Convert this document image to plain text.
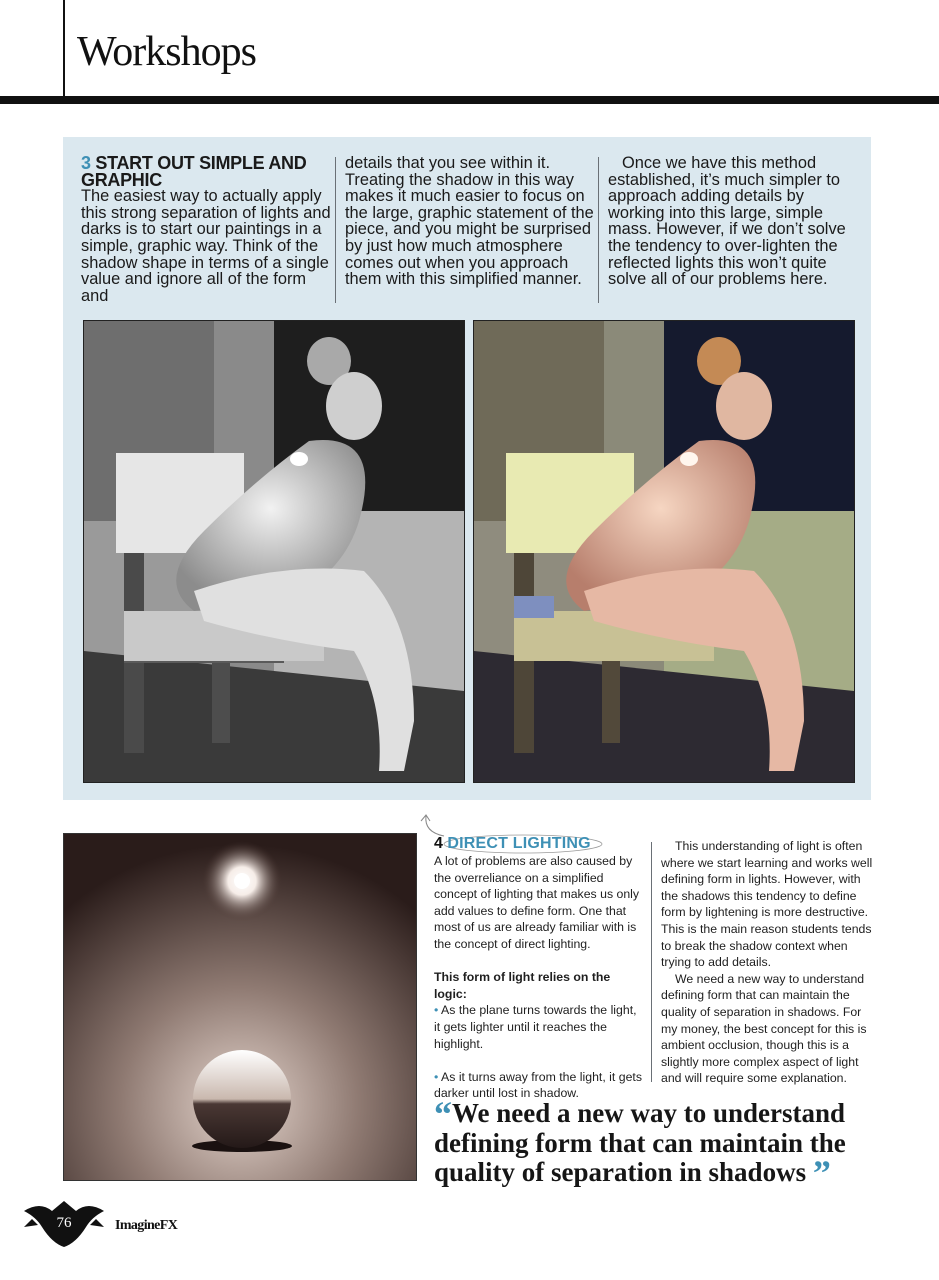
Workshops
3 START OUT SIMPLE AND GRAPHIC

The easiest way to actually apply this strong separation of lights and darks is to start our paintings in a simple, graphic way. Think of the shadow shape in terms of a single value and ignore all of the form and

details that you see within it. Treating the shadow in this way makes it much easier to focus on the large, graphic statement of the piece, and you might be surprised by just how much atmosphere comes out when you approach them with this simplified manner.

Once we have this method established, it’s much simpler to approach adding details by working into this large, simple mass. However, if we don’t solve the tendency to over-lighten the reflected lights this won’t quite solve all of our problems here.

4 DIRECT LIGHTING

A lot of problems are also caused by the overreliance on a simplified concept of lighting that makes us only add values to define form. One that most of us are already familiar with is the concept of direct lighting.

This form of light relies on the logic:

• As the plane turns towards the light, it gets lighter until it reaches the highlight.

• As it turns away from the light, it gets darker until lost in shadow.

This understanding of light is often where we start learning and works well defining form in lights. However, with the shadows this tendency to define form by lightening is more destructive. This is the main reason students tends to break the shadow context when trying to add details.

We need a new way to understand defining form that can maintain the quality of separation in shadows. For my money, the best concept for this is ambient occlusion, though this is a slightly more complex aspect of light and will require some explanation.

“We need a new way to understand defining form that can maintain the quality of separation in shadows ”

76	ImagineFX
